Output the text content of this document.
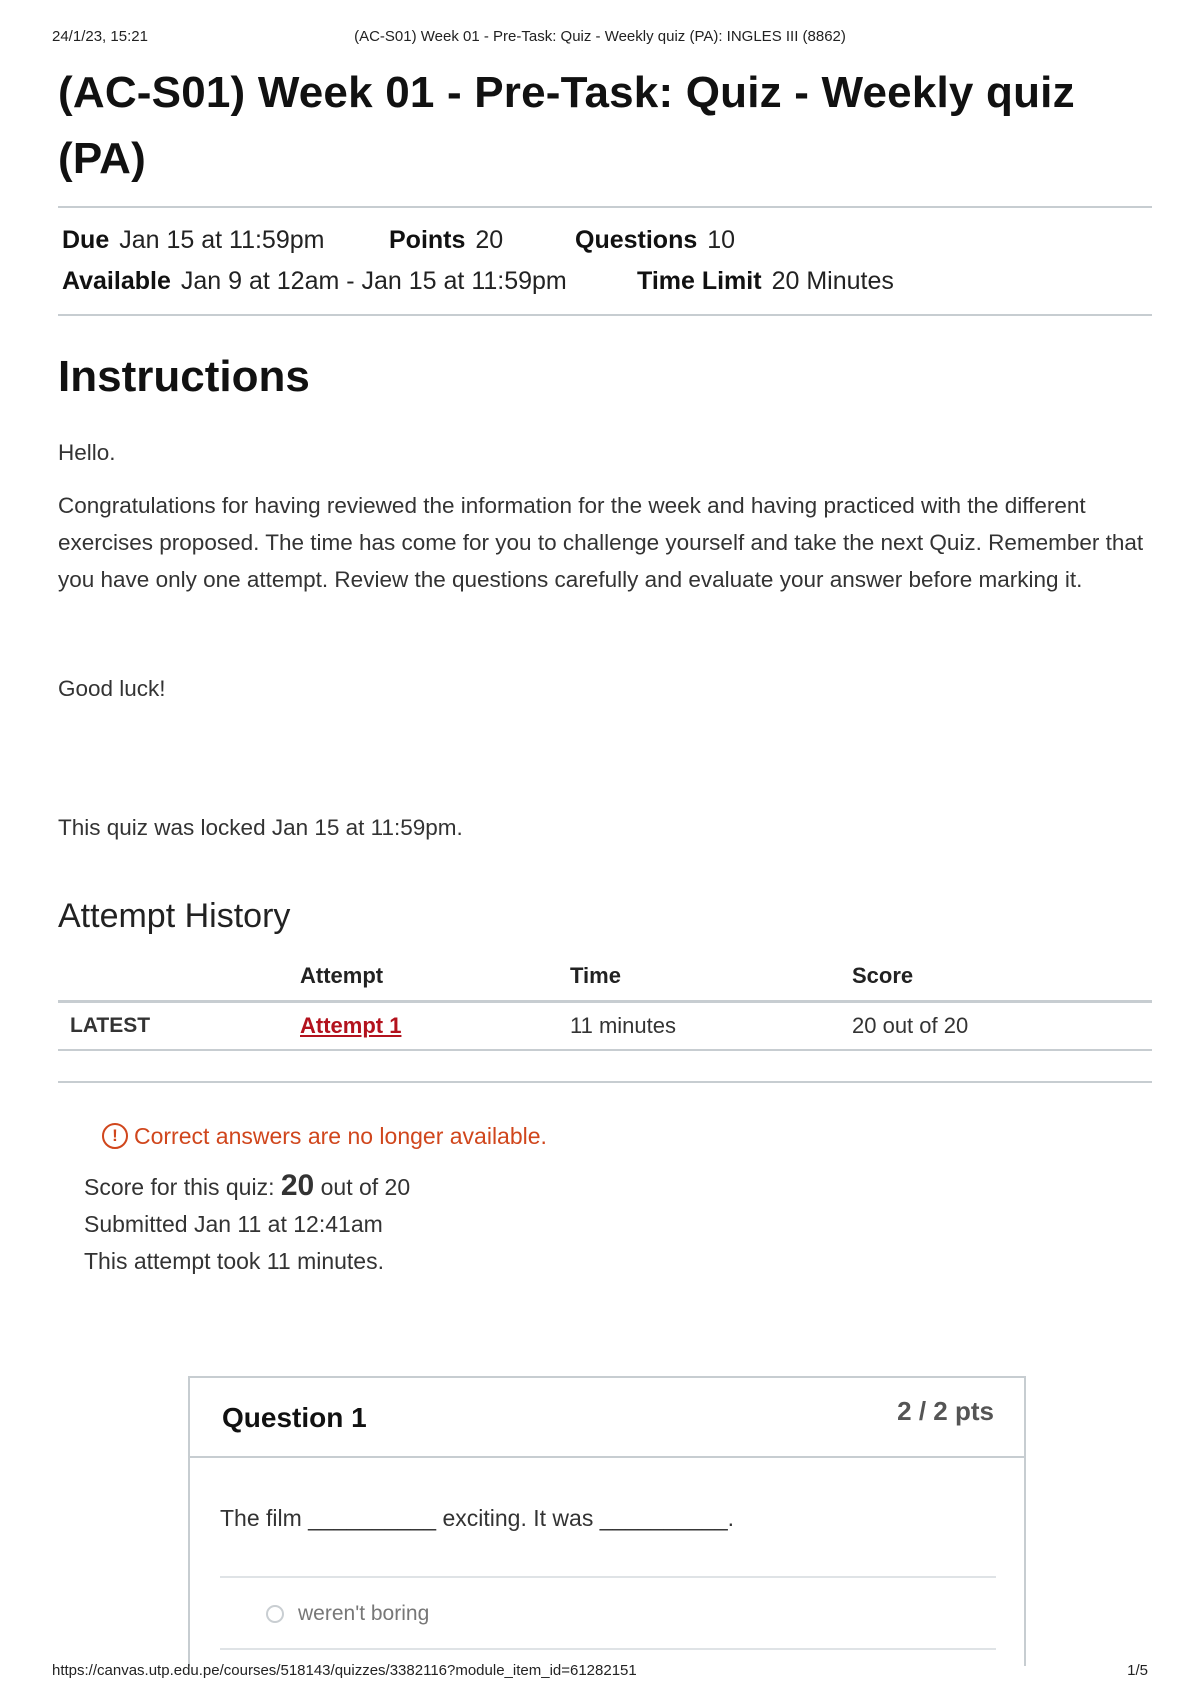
24/1/23, 15:21	(AC-S01) Week 01 - Pre-Task: Quiz - Weekly quiz (PA): INGLES III (8862)
(AC-S01) Week 01 - Pre-Task: Quiz - Weekly quiz (PA)
Due Jan 15 at 11:59pm	Points 20	Questions 10
Available Jan 9 at 12am - Jan 15 at 11:59pm	Time Limit 20 Minutes
Instructions

Hello.

Congratulations for having reviewed the information for the week and having practiced with the different exercises proposed. The time has come for you to challenge yourself and take the next Quiz. Remember that you have only one attempt. Review the questions carefully and evaluate your answer before marking it.

Good luck!

This quiz was locked Jan 15 at 11:59pm.

Attempt History
	Attempt	Time	Score
LATEST	Attempt 1	11 minutes	20 out of 20
! Correct answers are no longer available.
Score for this quiz: 20 out of 20
Submitted Jan 11 at 12:41am
This attempt took 11 minutes.
Question 1	2 / 2 pts
The film __________ exciting. It was __________.
weren't boring
https://canvas.utp.edu.pe/courses/518143/quizzes/3382116?module_item_id=61282151	1/5
